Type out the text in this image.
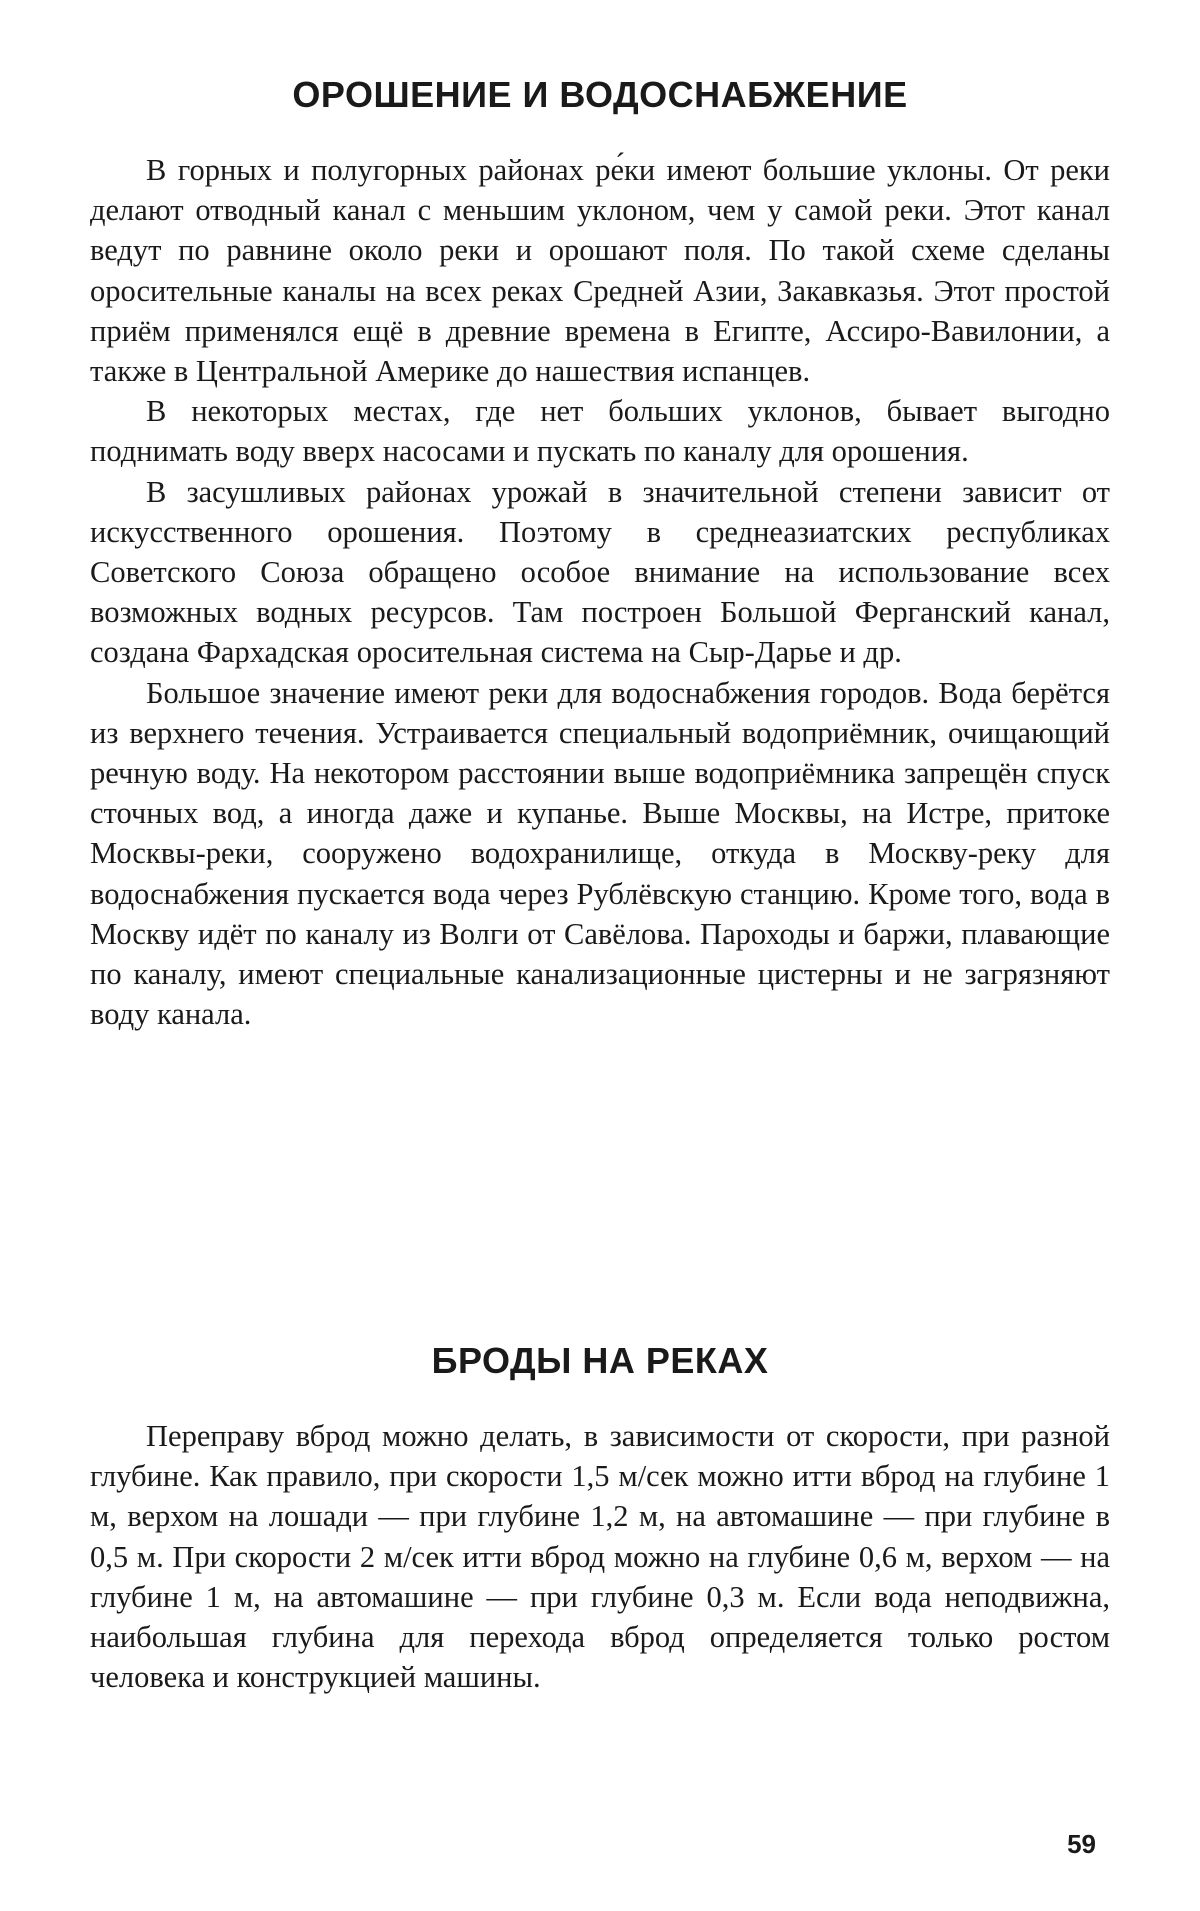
ОРОШЕНИЕ И ВОДОСНАБЖЕНИЕ

В горных и полугорных районах ре́ки имеют большие уклоны. От реки делают отводный канал с меньшим уклоном, чем у самой реки. Этот канал ведут по равнине около реки и орошают поля. По такой схеме сделаны оросительные каналы на всех реках Средней Азии, Закавказья. Этот простой приём применялся ещё в древние времена в Египте, Ассиро-Вавилонии, а также в Центральной Америке до нашествия испанцев.

В некоторых местах, где нет больших уклонов, бывает выгодно поднимать воду вверх насосами и пускать по каналу для орошения.

В засушливых районах урожай в значительной степени зависит от искусственного орошения. Поэтому в среднеазиатских республиках Советского Союза обращено особое внимание на использование всех возможных водных ресурсов. Там построен Большой Ферганский канал, создана Фархадская оросительная система на Сыр-Дарье и др.

Большое значение имеют реки для водоснабжения городов. Вода берётся из верхнего течения. Устраивается специальный водоприёмник, очищающий речную воду. На некотором расстоянии выше водоприёмника запрещён спуск сточных вод, а иногда даже и купанье. Выше Москвы, на Истре, притоке Москвы-реки, сооружено водохранилище, откуда в Москву-реку для водоснабжения пускается вода через Рублёвскую станцию. Кроме того, вода в Москву идёт по каналу из Волги от Савёлова. Пароходы и баржи, плавающие по каналу, имеют специальные канализационные цистерны и не загрязняют воду канала.

БРОДЫ НА РЕКАХ

Переправу вброд можно делать, в зависимости от скорости, при разной глубине. Как правило, при скорости 1,5 м/сек можно итти вброд на глубине 1 м, верхом на лошади — при глубине 1,2 м, на автомашине — при глубине в 0,5 м. При скорости 2 м/сек итти вброд можно на глубине 0,6 м, верхом — на глубине 1 м, на автомашине — при глубине 0,3 м. Если вода неподвижна, наибольшая глубина для перехода вброд определяется только ростом человека и конструкцией машины.

59
